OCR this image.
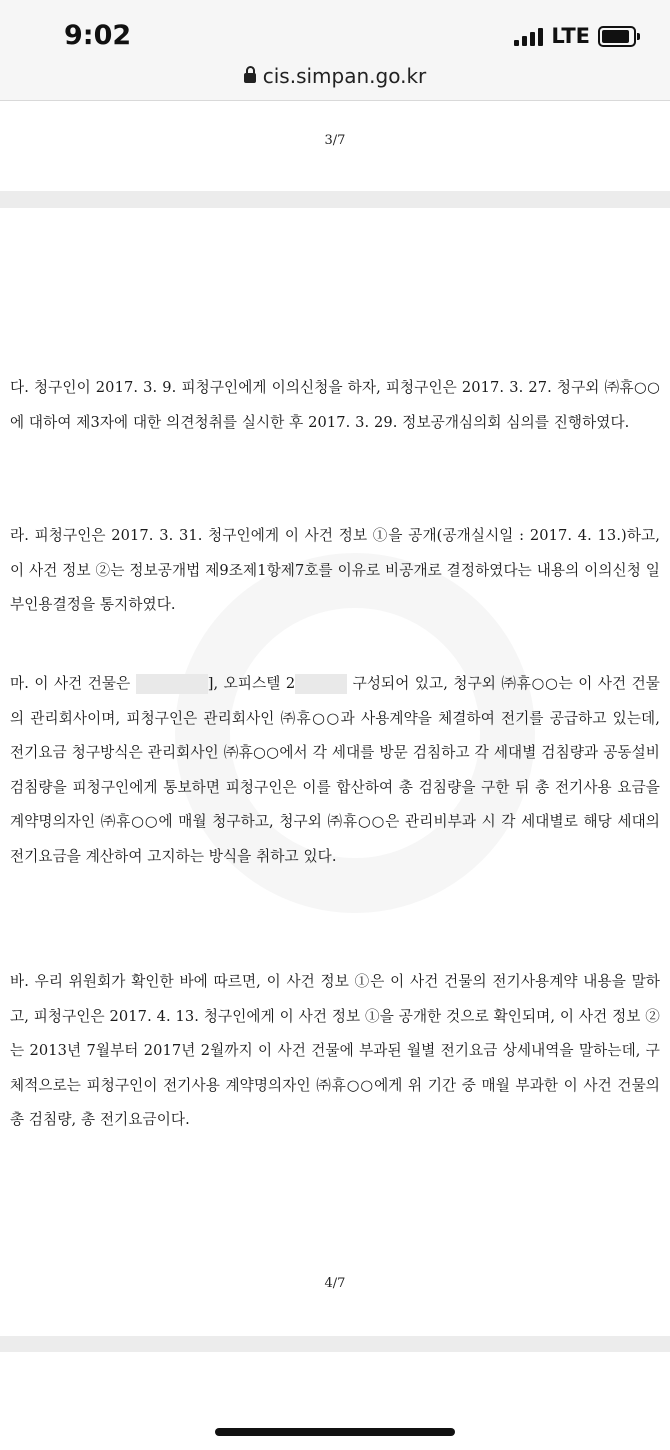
9:02	LTE
cis.simpan.go.kr
3/7
다. 청구인이 2017. 3. 9. 피청구인에게 이의신청을 하자, 피청구인은 2017. 3. 27. 청구외 ㈜휴○○에 대하여 제3자에 대한 의견청취를 실시한 후 2017. 3. 29. 정보공개심의회 심의를 진행하였다.
라. 피청구인은 2017. 3. 31. 청구인에게 이 사건 정보 ①을 공개(공개실시일 : 2017. 4. 13.)하고, 이 사건 정보 ②는 정보공개법 제9조제1항제7호를 이유로 비공개로 결정하였다는 내용의 이의신청 일부인용결정을 통지하였다.
마. 이 사건 건물은	], 오피스텔 2	구성되어 있고, 청구외 ㈜휴○○는 이 사건 건물의 관리회사이며, 피청구인은 관리회사인 ㈜휴○○과 사용계약을 체결하여 전기를 공급하고 있는데, 전기요금 청구방식은 관리회사인 ㈜휴○○에서 각 세대를 방문 검침하고 각 세대별 검침량과 공동설비 검침량을 피청구인에게 통보하면 피청구인은 이를 합산하여 총 검침량을 구한 뒤 총 전기사용 요금을 계약명의자인 ㈜휴○○에 매월 청구하고, 청구외 ㈜휴○○은 관리비부과 시 각 세대별로 해당 세대의 전기요금을 계산하여 고지하는 방식을 취하고 있다.
바. 우리 위원회가 확인한 바에 따르면, 이 사건 정보 ①은 이 사건 건물의 전기사용계약 내용을 말하고, 피청구인은 2017. 4. 13. 청구인에게 이 사건 정보 ①을 공개한 것으로 확인되며, 이 사건 정보 ②는 2013년 7월부터 2017년 2월까지 이 사건 건물에 부과된 월별 전기요금 상세내역을 말하는데, 구체적으로는 피청구인이 전기사용 계약명의자인 ㈜휴○○에게 위 기간 중 매월 부과한 이 사건 건물의 총 검침량, 총 전기요금이다.
4/7
